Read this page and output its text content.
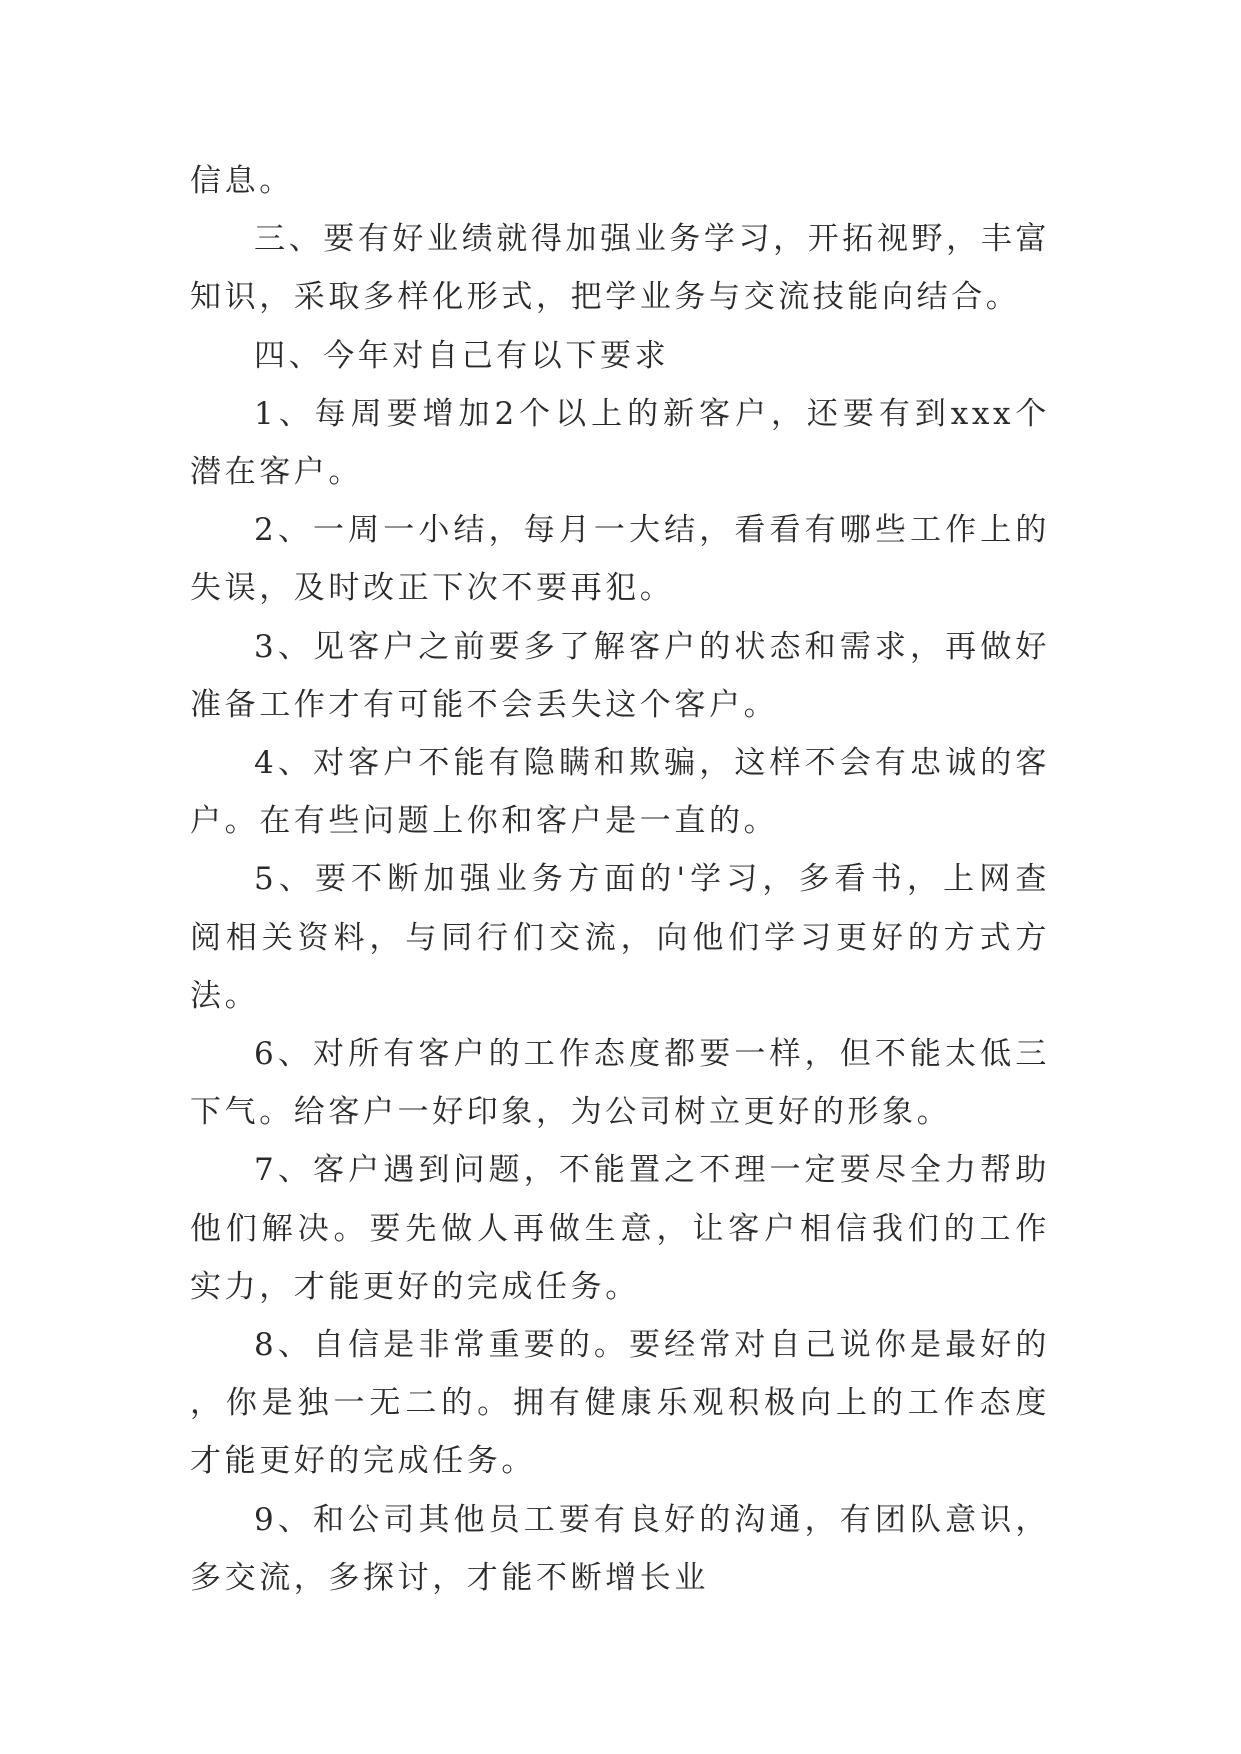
信息。

三、要有好业绩就得加强业务学习，开拓视野，丰富知识，采取多样化形式，把学业务与交流技能向结合。

四、今年对自己有以下要求

1、每周要增加2个以上的新客户，还要有到xxx个潜在客户。

2、一周一小结，每月一大结，看看有哪些工作上的失误，及时改正下次不要再犯。

3、见客户之前要多了解客户的状态和需求，再做好准备工作才有可能不会丢失这个客户。

4、对客户不能有隐瞒和欺骗，这样不会有忠诚的客户。在有些问题上你和客户是一直的。

5、要不断加强业务方面的'学习，多看书，上网查阅相关资料，与同行们交流，向他们学习更好的方式方法。

6、对所有客户的工作态度都要一样，但不能太低三下气。给客户一好印象，为公司树立更好的形象。

7、客户遇到问题，不能置之不理一定要尽全力帮助他们解决。要先做人再做生意，让客户相信我们的工作实力，才能更好的完成任务。

8、自信是非常重要的。要经常对自己说你是最好的，你是独一无二的。拥有健康乐观积极向上的工作态度才能更好的完成任务。

9、和公司其他员工要有良好的沟通，有团队意识，多交流，多探讨，才能不断增长业
